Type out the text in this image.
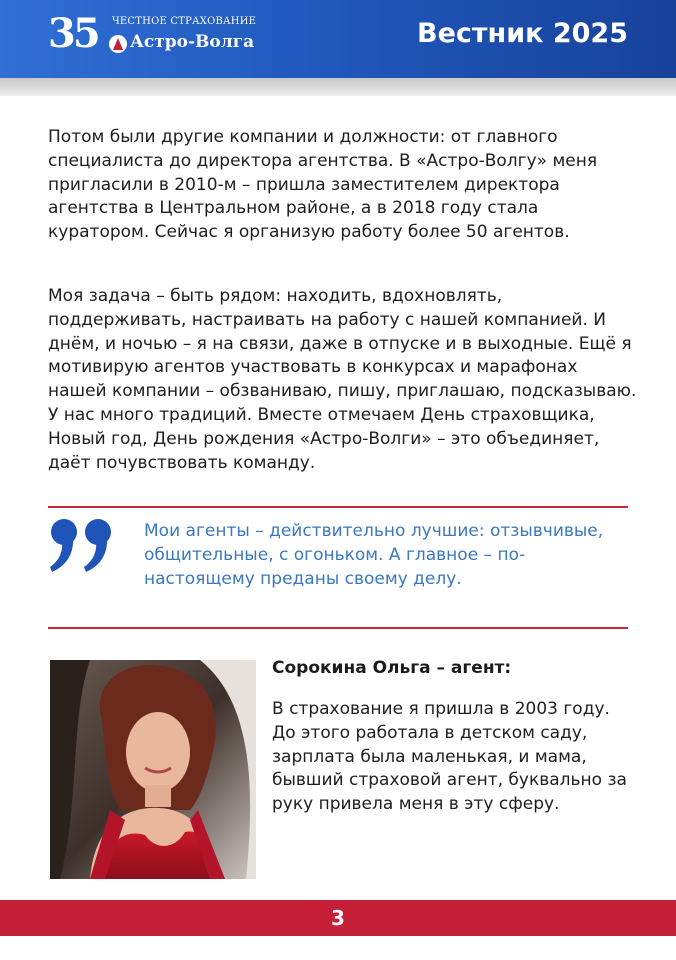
35 ЧЕСТНОЕ СТРАХОВАНИЕ
Астро-Волга	Вестник 2025

Потом были другие компании и должности: от главного специалиста до директора агентства. В «Астро-Волгу» меня пригласили в 2010-м – пришла заместителем директора агентства в Центральном районе, а в 2018 году стала куратором. Сейчас я организую работу более 50 агентов.

Моя задача – быть рядом: находить, вдохновлять, поддерживать, настраивать на работу с нашей компанией. И днём, и ночью – я на связи, даже в отпуске и в выходные. Ещё я мотивирую агентов участвовать в конкурсах и марафонах нашей компании – обзваниваю, пишу, приглашаю, подсказываю. У нас много традиций. Вместе отмечаем День страховщика, Новый год, День рождения «Астро-Волги» – это объединяет, даёт почувствовать команду.

Мои агенты – действительно лучшие: отзывчивые, общительные, с огоньком. А главное – по-настоящему преданы своему делу.

Сорокина Ольга – агент:

В страхование я пришла в 2003 году. До этого работала в детском саду, зарплата была маленькая, и мама, бывший страховой агент, буквально за руку привела меня в эту сферу.

3
